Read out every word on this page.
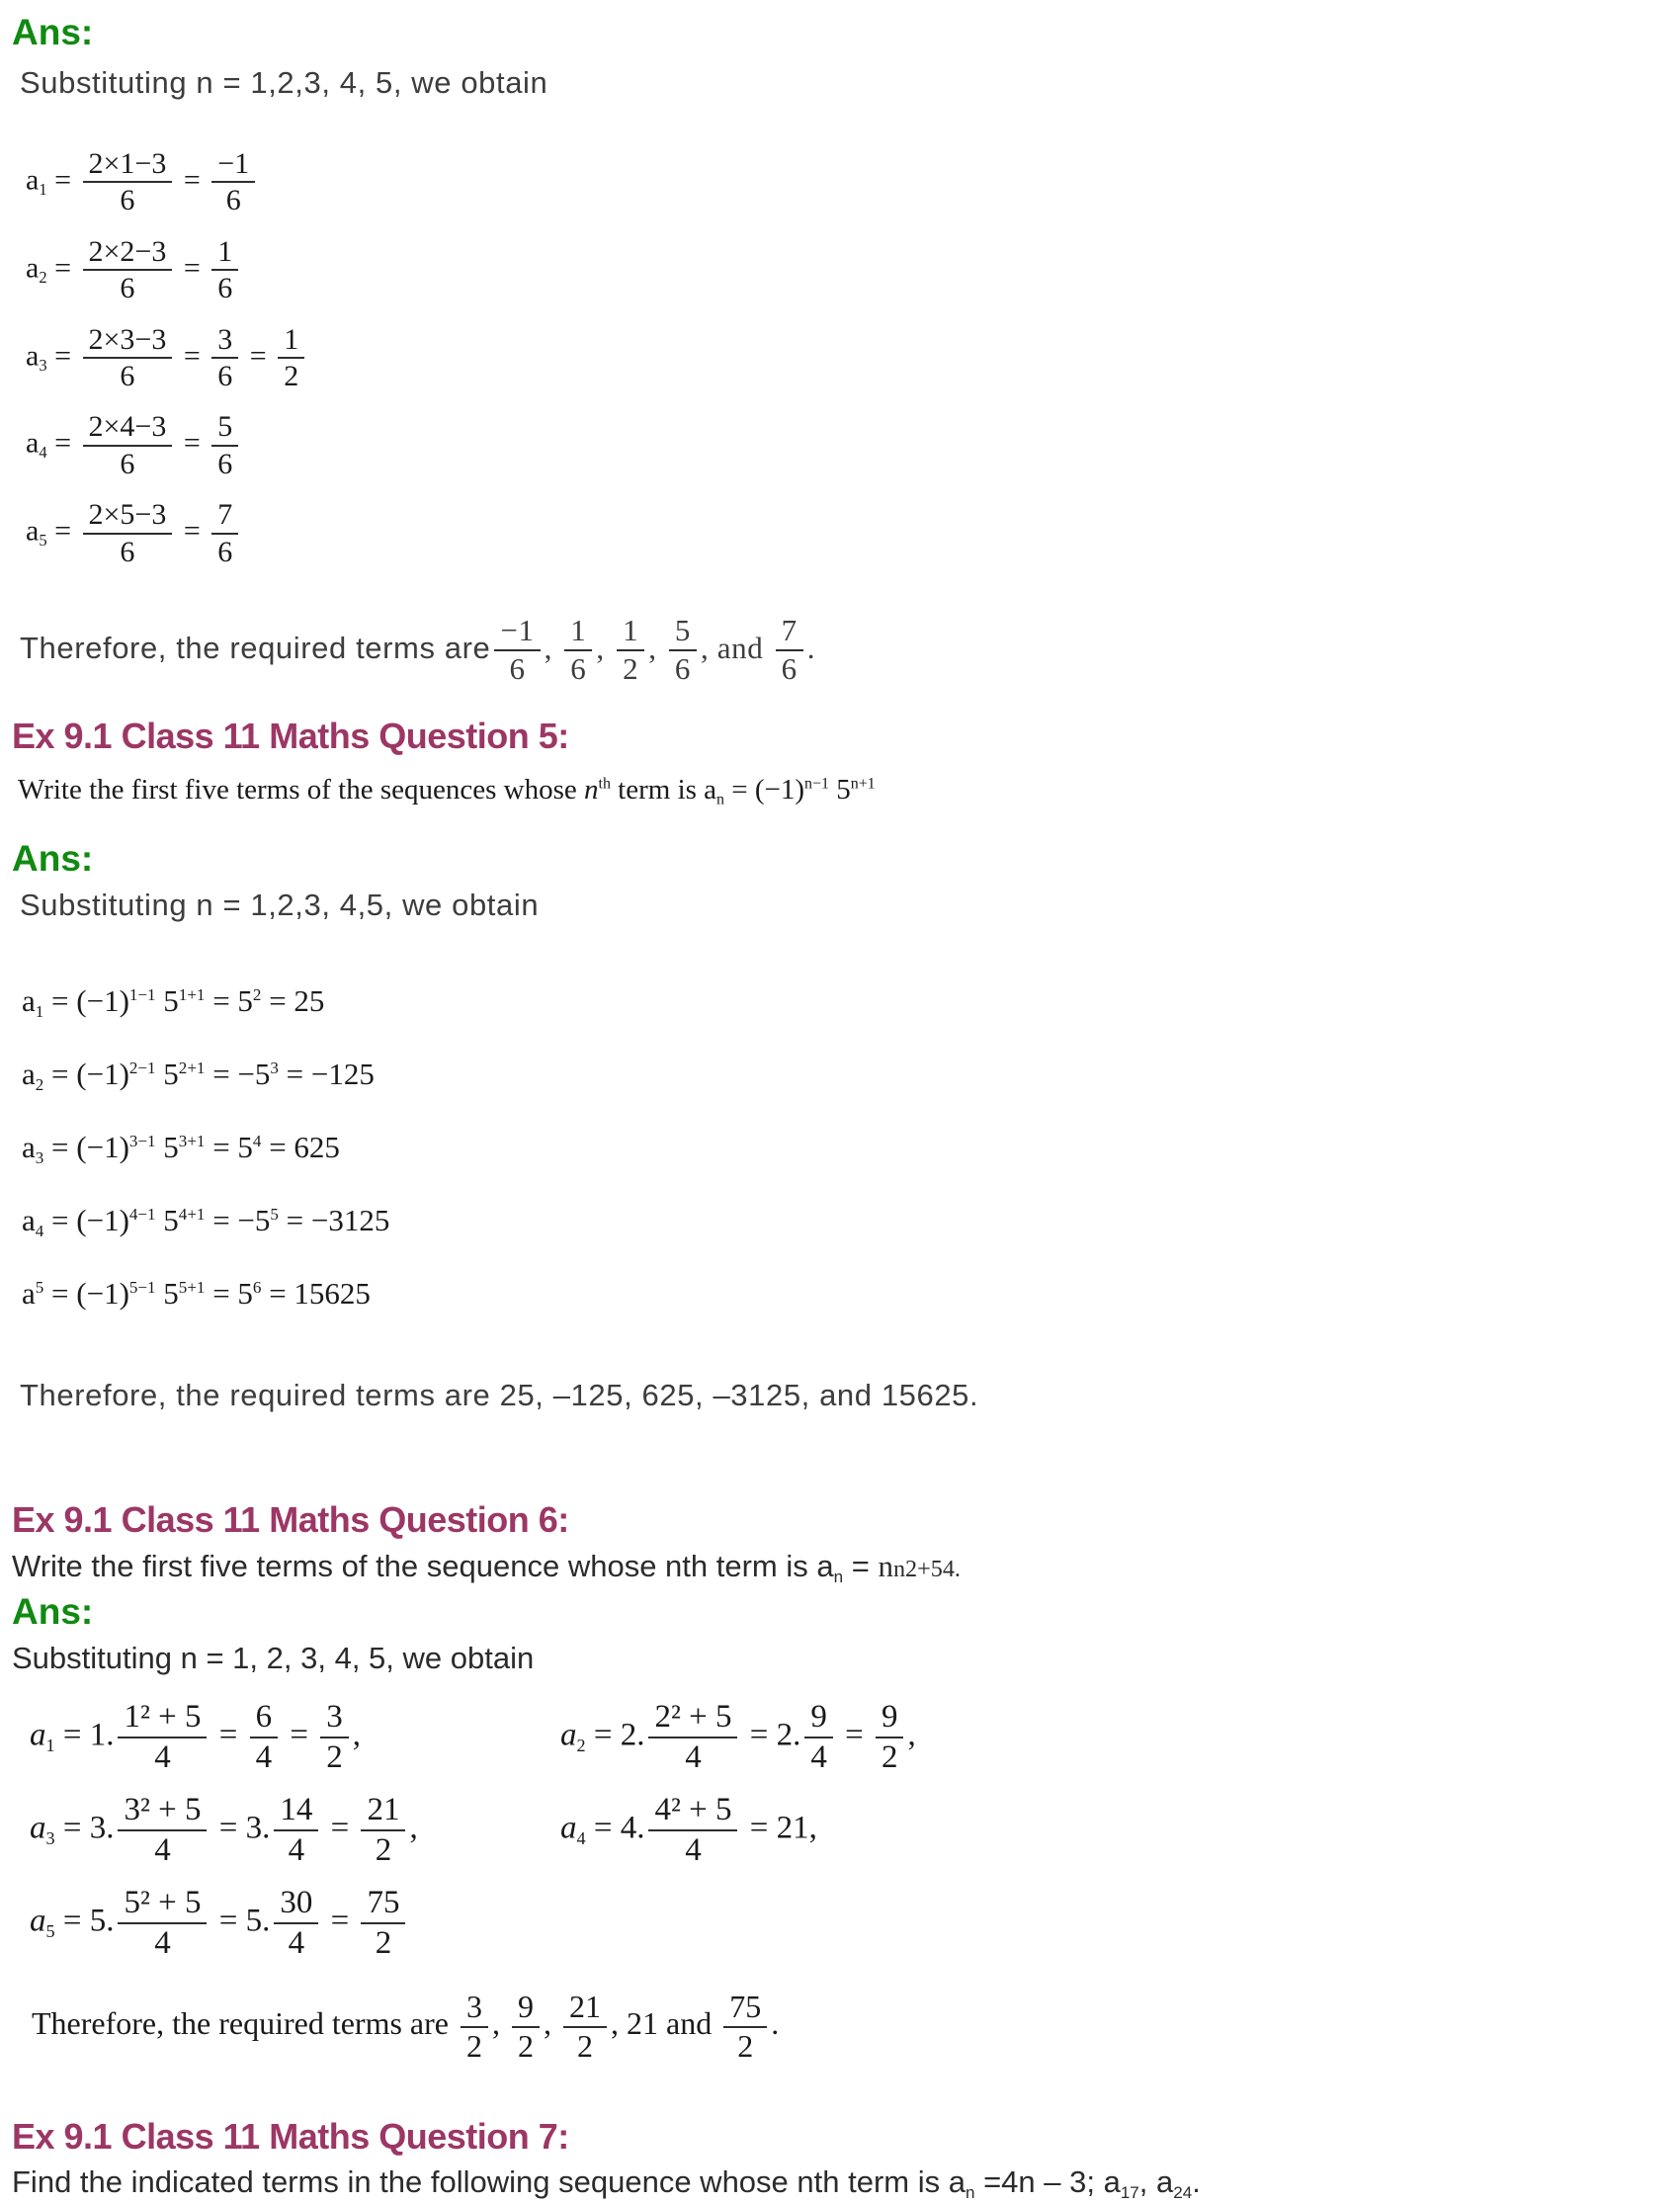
Ans:
Substituting n = 1,2,3, 4, 5, we obtain
$a1 = \frac{2\times 1-3}{6} = \frac{-1}{6}$
$a2 = \frac{2\times 2-3}{6} = \frac{1}{6}$
$a3 = \frac{2\times 3-3}{6} = \frac{3}{6} = \frac{1}{2}$
$a4 = \frac{2\times 4-3}{6} = \frac{5}{6}$
$a5 = \frac{2\times 5-3}{6} = \frac{7}{6}$
Therefore, the required terms are $\frac{-1}{6}$ , $\frac{1}{6}$ , $\frac{1}{2}$ , $\frac{5}{6}$ , and $\frac{7}{6}$ .
Ex 9.1 Class 11 Maths Question 5:
Write the first five terms of the sequences whose $n^{th}$ term is an = $(-1)^{n-1}$ $5^{n+1}$
Ans:
Substituting n = 1,2,3, 4,5, we obtain
$a1 = (-1)^{1-1}$ $5^{1+1} = 5^2 = 25$
$a2 = (-1)^{2-1}$ $5^{2+1} = -5^3 = -125$
$a3 = (-1)^{3-1}$ $5^{3+1} = 5^4 = 625$
$a4 = (-1)^{4-1}$ $5^{4+1} = -5^5 = -3125$
$a^5 = (-1)^{5-1}$ $5^{5+1} = 5^6 = 15625$
Therefore, the required terms are 25, –125, 625, –3125, and 15625.
Ex 9.1 Class 11 Maths Question 6:
Write the first five terms of the sequence whose nth term is an = nn2+54.
Ans:
Substituting n = 1, 2, 3, 4, 5, we obtain
a1 = 1. $\frac{\text{1² + 5}}{4} = \frac{6}{4} = \frac{3}{2}$ ,	a2 = 2. $\frac{\text{2² + 5}}{4} = 2$. $\frac{9}{4} = \frac{9}{2}$ ,
a3 = 3. $\frac{\text{3² + 5}}{4} = 3$. $\frac{14}{4} = \frac{21}{2}$ ,	a4 = 4. $\frac{\text{4² + 5}}{4} = 21$,
a5 = 5. $\frac{\text{5² + 5}}{4} = 5$. $\frac{30}{4} = \frac{75}{2}$
Therefore, the required terms are $\frac{3}{2}$ , $\frac{9}{2}$ , $\frac{21}{2}$ , 21 and $\frac{75}{2}$ .
Ex 9.1 Class 11 Maths Question 7:
Find the indicated terms in the following sequence whose nth term is an =4n – 3; a17, a24.
